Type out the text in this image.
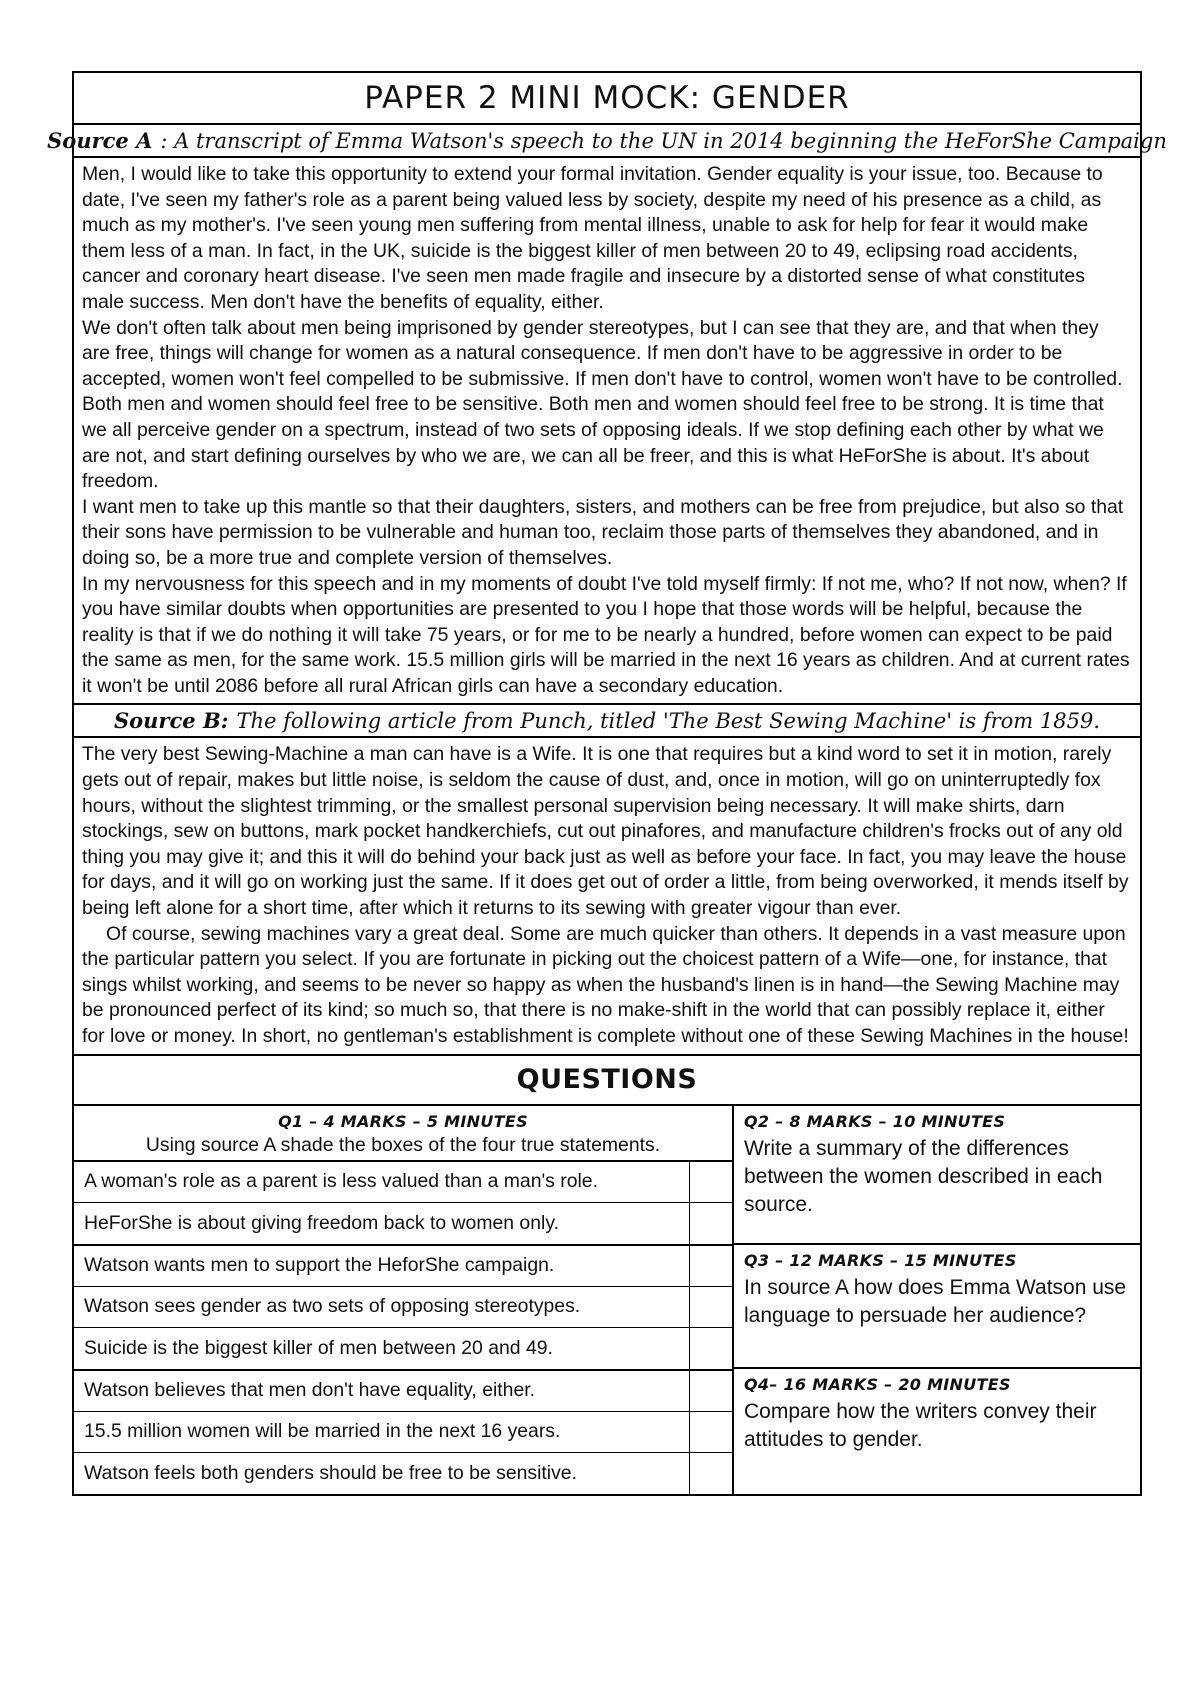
PAPER 2 MINI MOCK: GENDER
Source A : A transcript of Emma Watson's speech to the UN in 2014 beginning the HeForShe Campaign

Men, I would like to take this opportunity to extend your formal invitation. Gender equality is your issue, too. Because to date, I've seen my father's role as a parent being valued less by society, despite my need of his presence as a child, as much as my mother's. I've seen young men suffering from mental illness, unable to ask for help for fear it would make them less of a man. In fact, in the UK, suicide is the biggest killer of men between 20 to 49, eclipsing road accidents, cancer and coronary heart disease. I've seen men made fragile and insecure by a distorted sense of what constitutes male success. Men don't have the benefits of equality, either.

We don't often talk about men being imprisoned by gender stereotypes, but I can see that they are, and that when they are free, things will change for women as a natural consequence. If men don't have to be aggressive in order to be accepted, women won't feel compelled to be submissive. If men don't have to control, women won't have to be controlled.

Both men and women should feel free to be sensitive. Both men and women should feel free to be strong. It is time that we all perceive gender on a spectrum, instead of two sets of opposing ideals. If we stop defining each other by what we are not, and start defining ourselves by who we are, we can all be freer, and this is what HeForShe is about. It's about freedom.

I want men to take up this mantle so that their daughters, sisters, and mothers can be free from prejudice, but also so that their sons have permission to be vulnerable and human too, reclaim those parts of themselves they abandoned, and in doing so, be a more true and complete version of themselves.

In my nervousness for this speech and in my moments of doubt I've told myself firmly: If not me, who? If not now, when? If you have similar doubts when opportunities are presented to you I hope that those words will be helpful, because the reality is that if we do nothing it will take 75 years, or for me to be nearly a hundred, before women can expect to be paid the same as men, for the same work. 15.5 million girls will be married in the next 16 years as children. And at current rates it won't be until 2086 before all rural African girls can have a secondary education.

Source B: The following article from Punch, titled 'The Best Sewing Machine' is from 1859.

The very best Sewing-Machine a man can have is a Wife. It is one that requires but a kind word to set it in motion, rarely gets out of repair, makes but little noise, is seldom the cause of dust, and, once in motion, will go on uninterruptedly fox hours, without the slightest trimming, or the smallest personal supervision being necessary. It will make shirts, darn stockings, sew on buttons, mark pocket handkerchiefs, cut out pinafores, and manufacture children's frocks out of any old thing you may give it; and this it will do behind your back just as well as before your face. In fact, you may leave the house for days, and it will go on working just the same. If it does get out of order a little, from being overworked, it mends itself by being left alone for a short time, after which it returns to its sewing with greater vigour than ever.

Of course, sewing machines vary a great deal. Some are much quicker than others. It depends in a vast measure upon the particular pattern you select. If you are fortunate in picking out the choicest pattern of a Wife—one, for instance, that sings whilst working, and seems to be never so happy as when the husband's linen is in hand—the Sewing Machine may be pronounced perfect of its kind; so much so, that there is no make-shift in the world that can possibly replace it, either for love or money. In short, no gentleman's establishment is complete without one of these Sewing Machines in the house!

QUESTIONS
Q1 – 4 MARKS – 5 MINUTES
Using source A shade the boxes of the four true statements.
A woman's role as a parent is less valued than a man's role.
HeForShe is about giving freedom back to women only.
Watson wants men to support the HeforShe campaign.
Watson sees gender as two sets of opposing stereotypes.
Suicide is the biggest killer of men between 20 and 49.
Watson believes that men don't have equality, either.
15.5 million women will be married in the next 16 years.
Watson feels both genders should be free to be sensitive.
Q2 – 8 MARKS – 10 MINUTES
Write a summary of the differences between the women described in each source.
Q3 – 12 MARKS – 15 MINUTES
In source A how does Emma Watson use language to persuade her audience?
Q4– 16 MARKS – 20 MINUTES
Compare how the writers convey their attitudes to gender.
